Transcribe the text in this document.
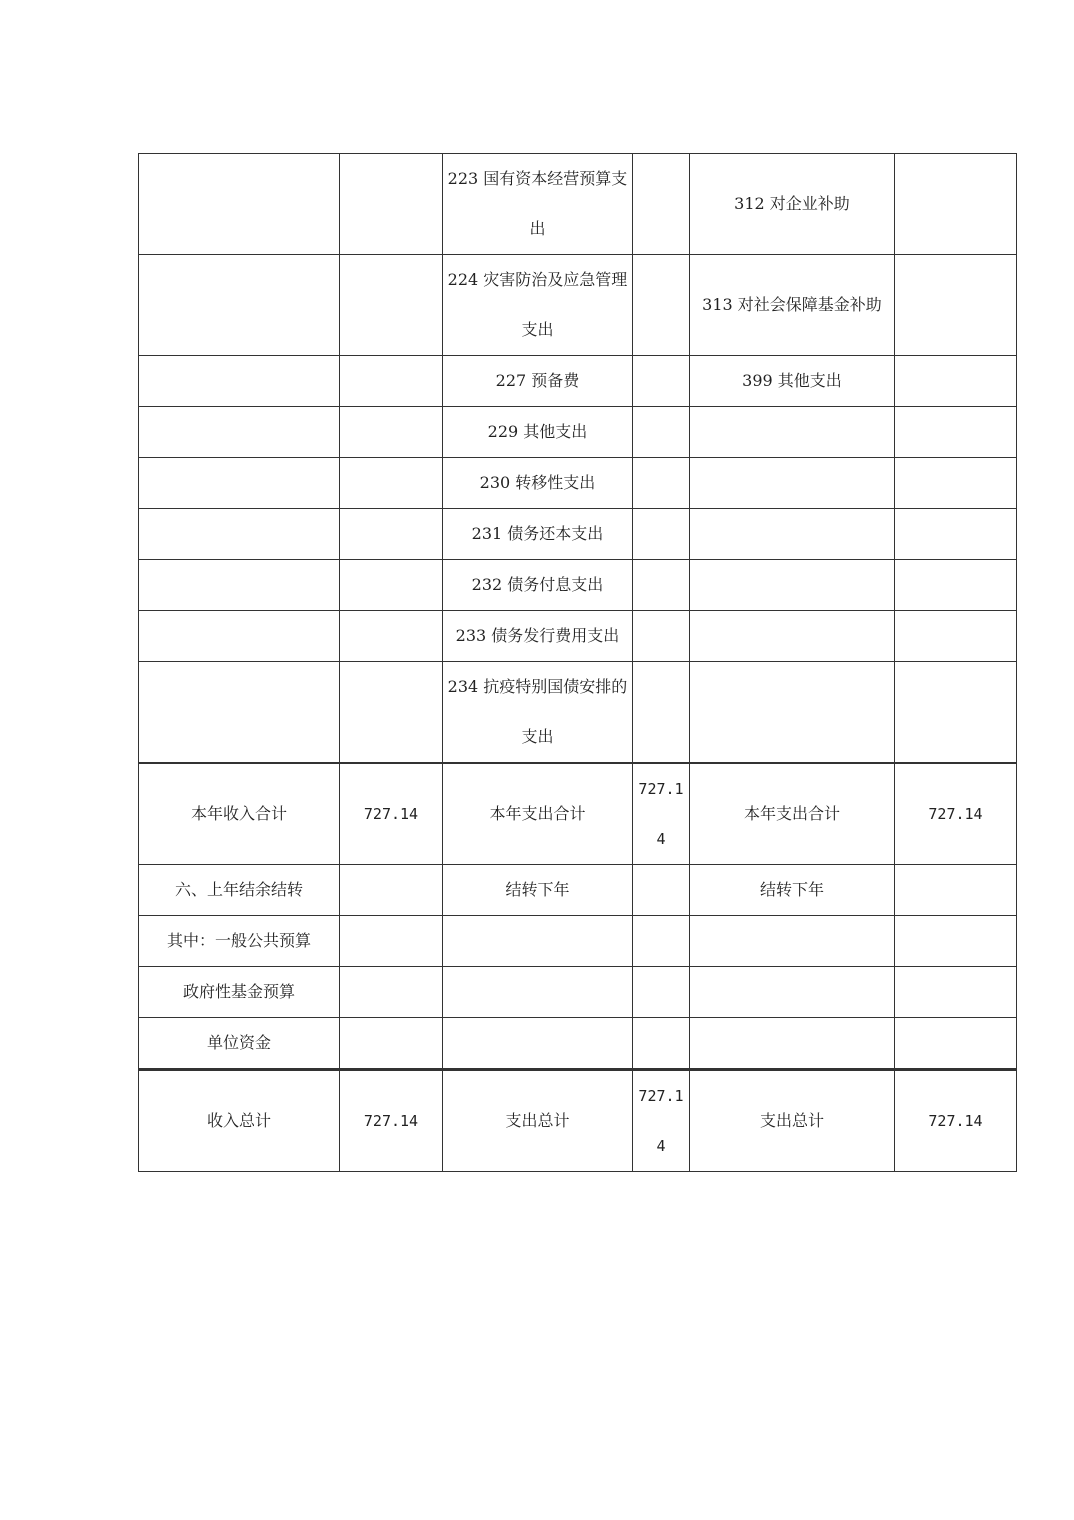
		223 国有资本经营预算支出		312 对企业补助	
		224 灾害防治及应急管理支出		313 对社会保障基金补助	
		227 预备费		399 其他支出	
		229 其他支出			
		230 转移性支出			
		231 债务还本支出			
		232 债务付息支出			
		233 债务发行费用支出			
		234 抗疫特别国债安排的支出			

本年收入合计	727.14	本年支出合计	727.14	本年支出合计	727.14
六、上年结余结转		结转下年		结转下年	
其中：一般公共预算					
政府性基金预算					
单位资金					

收入总计	727.14	支出总计	727.14	支出总计	727.14
